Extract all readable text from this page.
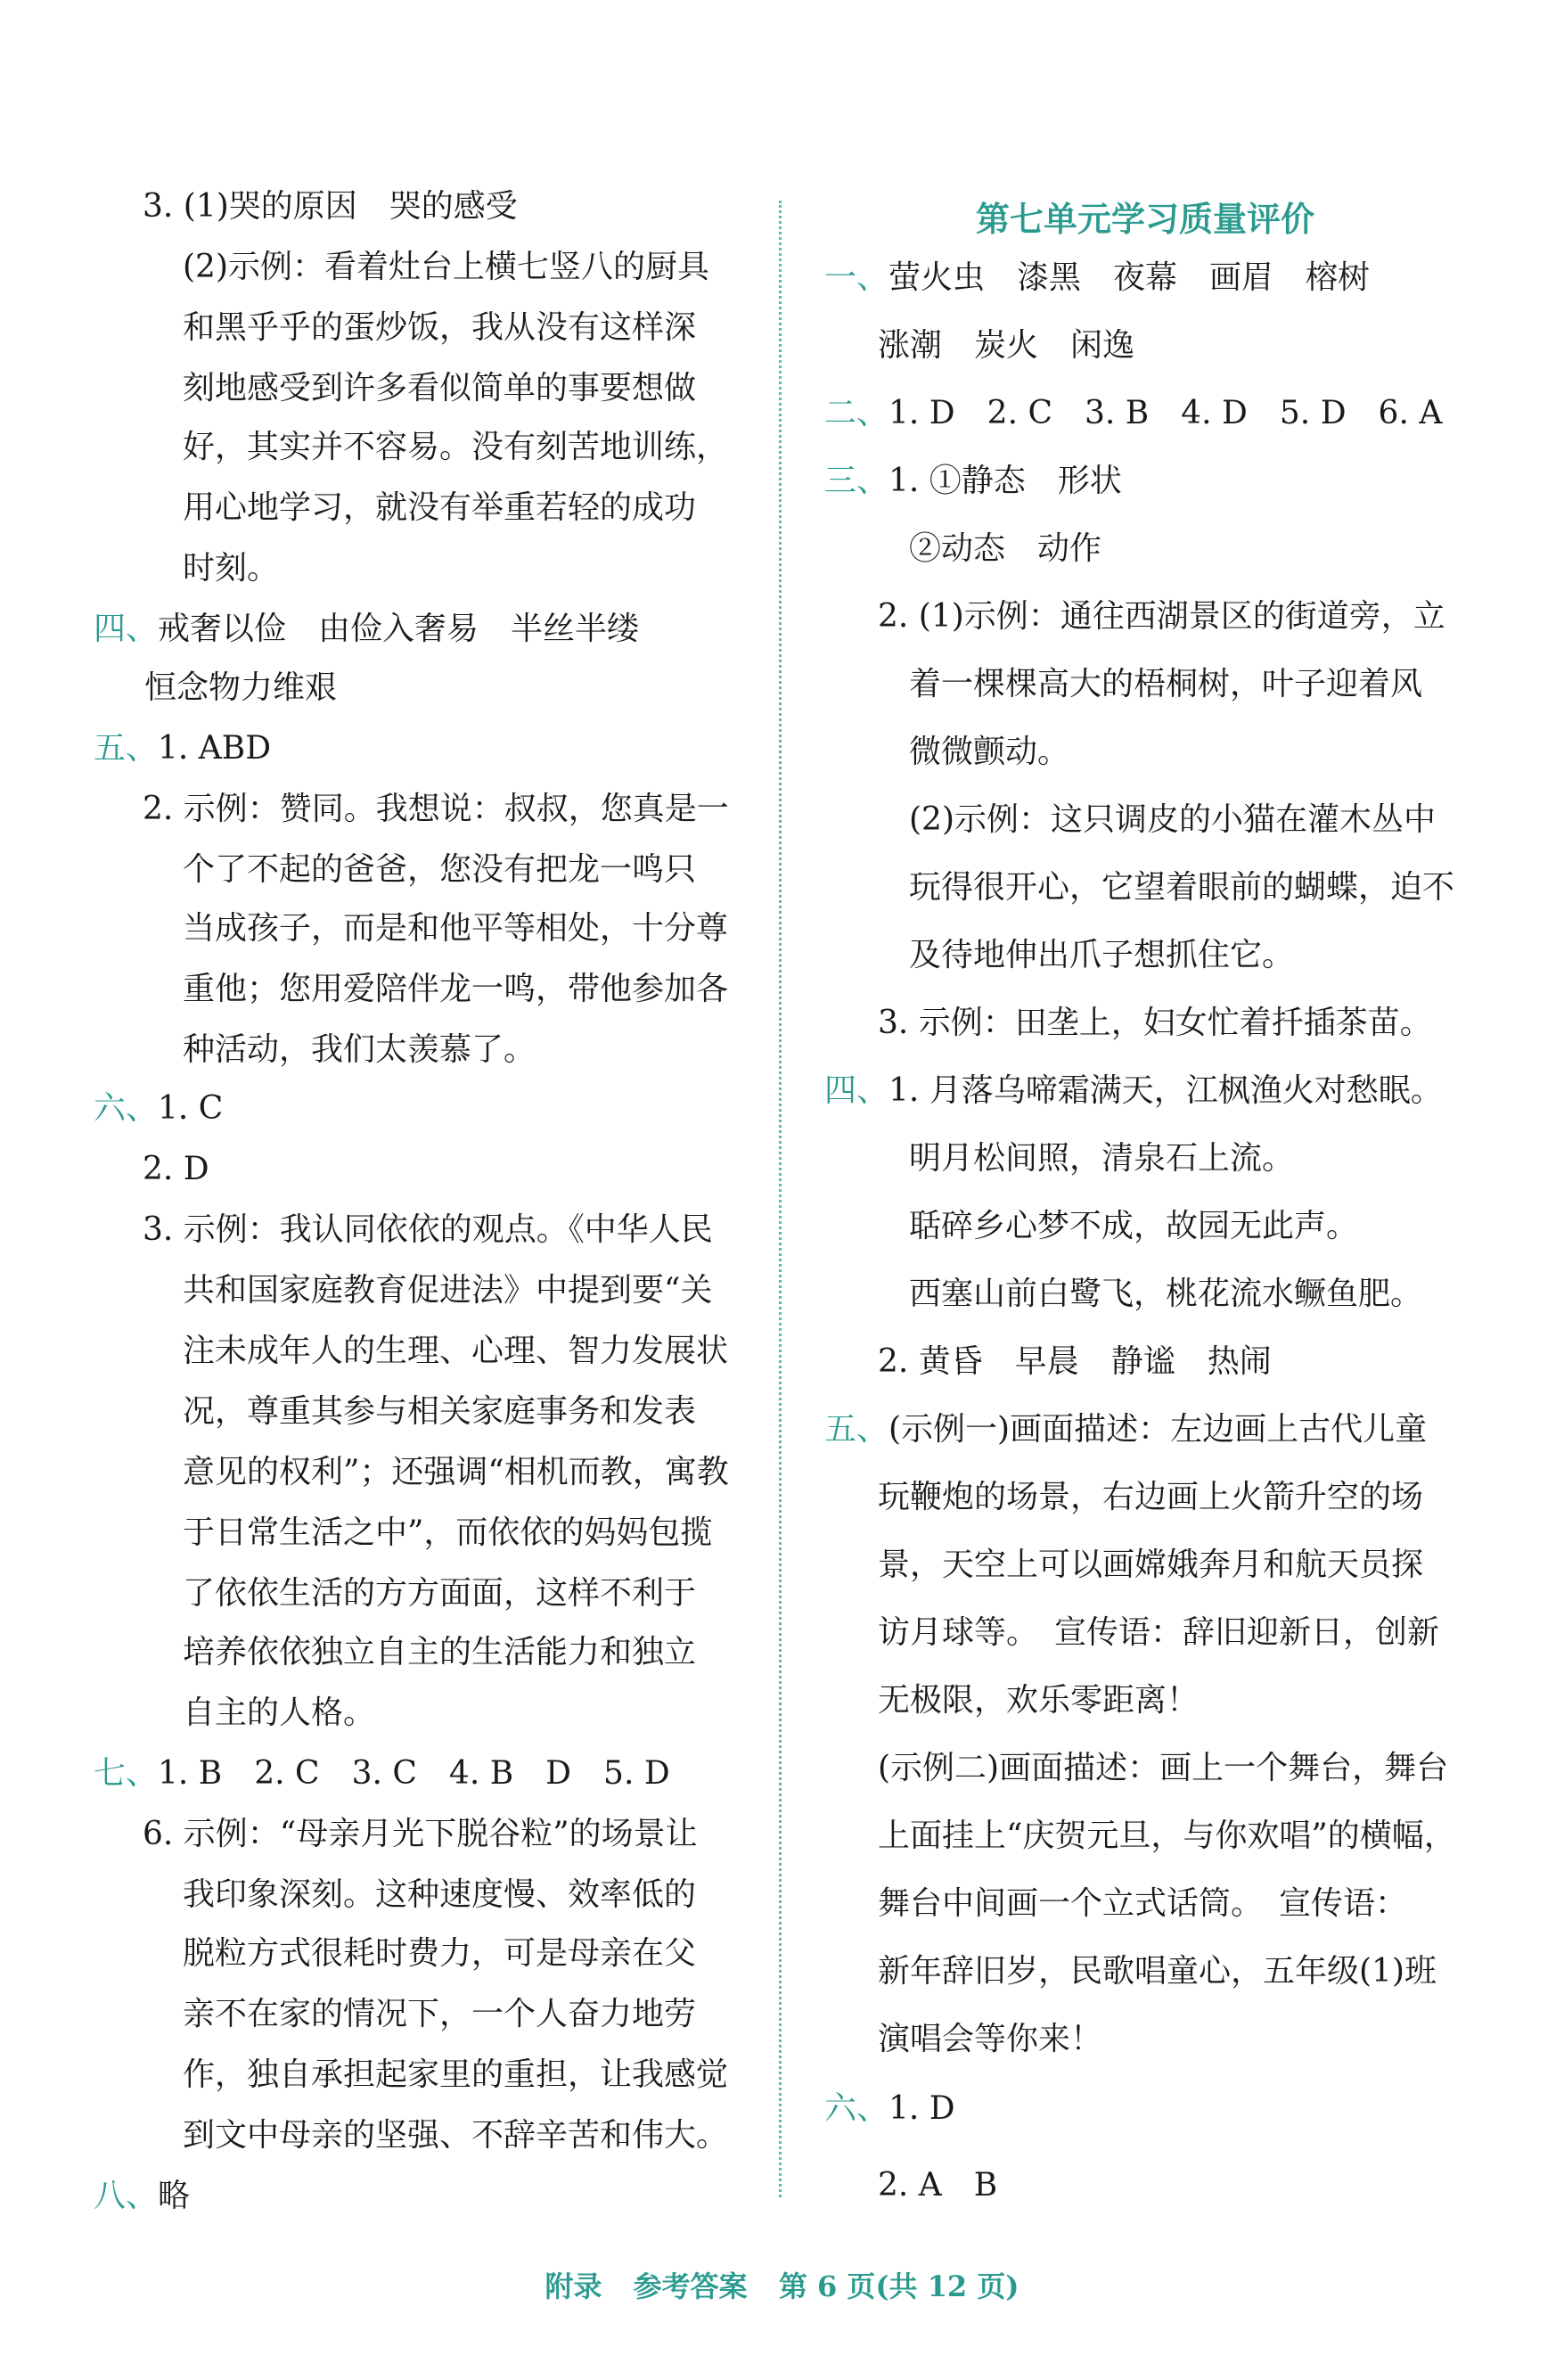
3. (1)哭的原因　哭的感受
(2)示例：看着灶台上横七竖八的厨具
和黑乎乎的蛋炒饭，我从没有这样深
刻地感受到许多看似简单的事要想做
好，其实并不容易。没有刻苦地训练，
用心地学习，就没有举重若轻的成功
时刻。
四、戒奢以俭　由俭入奢易　半丝半缕
恒念物力维艰
五、1. ABD
2. 示例：赞同。我想说：叔叔，您真是一
个了不起的爸爸，您没有把龙一鸣只
当成孩子，而是和他平等相处，十分尊
重他；您用爱陪伴龙一鸣，带他参加各
种活动，我们太羡慕了。
六、1. C
2. D
3. 示例：我认同依依的观点。《中华人民
共和国家庭教育促进法》中提到要“关
注未成年人的生理、心理、智力发展状
况，尊重其参与相关家庭事务和发表
意见的权利”；还强调“相机而教，寓教
于日常生活之中”，而依依的妈妈包揽
了依依生活的方方面面，这样不利于
培养依依独立自主的生活能力和独立
自主的人格。
七、1. B　2. C　3. C　4. B　D　5. D
6. 示例：“母亲月光下脱谷粒”的场景让
我印象深刻。这种速度慢、效率低的
脱粒方式很耗时费力，可是母亲在父
亲不在家的情况下，一个人奋力地劳
作，独自承担起家里的重担，让我感觉
到文中母亲的坚强、不辞辛苦和伟大。
八、略
第七单元学习质量评价
一、萤火虫　漆黑　夜幕　画眉　榕树
涨潮　炭火　闲逸
二、1. D　2. C　3. B　4. D　5. D　6. A
三、1. ①静态　形状
②动态　动作
2. (1)示例：通往西湖景区的街道旁，立
着一棵棵高大的梧桐树，叶子迎着风
微微颤动。
(2)示例：这只调皮的小猫在灌木丛中
玩得很开心，它望着眼前的蝴蝶，迫不
及待地伸出爪子想抓住它。
3. 示例：田垄上，妇女忙着扦插茶苗。
四、1. 月落乌啼霜满天，江枫渔火对愁眠。
明月松间照，清泉石上流。
聒碎乡心梦不成，故园无此声。
西塞山前白鹭飞，桃花流水鳜鱼肥。
2. 黄昏　早晨　静谧　热闹
五、(示例一)画面描述：左边画上古代儿童
玩鞭炮的场景，右边画上火箭升空的场
景，天空上可以画嫦娥奔月和航天员探
访月球等。　宣传语：辞旧迎新日，创新
无极限，欢乐零距离！
(示例二)画面描述：画上一个舞台，舞台
上面挂上“庆贺元旦，与你欢唱”的横幅，
舞台中间画一个立式话筒。　宣传语：
新年辞旧岁，民歌唱童心，五年级(1)班
演唱会等你来！
六、1. D
2. A　B
附录 参考答案 第 6 页(共 12 页)
